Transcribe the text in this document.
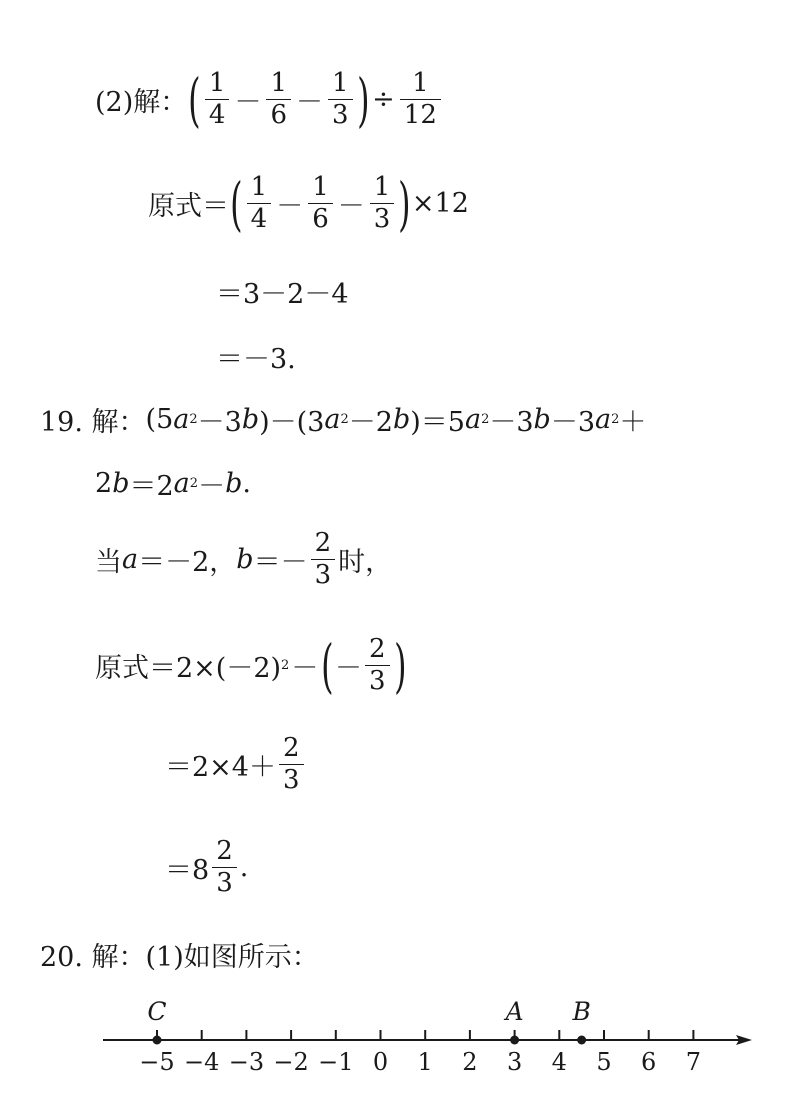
(2)解： ( $\frac{1}{4} - \frac{1}{6} - \frac{1}{3}$ ) ÷ $\frac{1}{12}$
原式＝ ( $\frac{1}{4} - \frac{1}{6} - \frac{1}{3}$ ) ×12
＝3－2－4
＝－3.
19. 解： (5 a 2 －3 b )－(3 a 2 －2 b )＝5 a 2 －3 b －3 a 2 ＋
2 b ＝2 a 2 － b .
当 a ＝－2， $b =- \frac{2}{3}$ 时，
原式＝2×(－2) 2 － ( － $\frac{2}{3}$ )
$=2\times 4+ \frac{2}{3}$
$=8 \frac{2}{3}$ .
20. 解：(1)如图所示：
−5 −4 −3 −2 −1 0 1 2 3 4 5 6 7
C	A B
